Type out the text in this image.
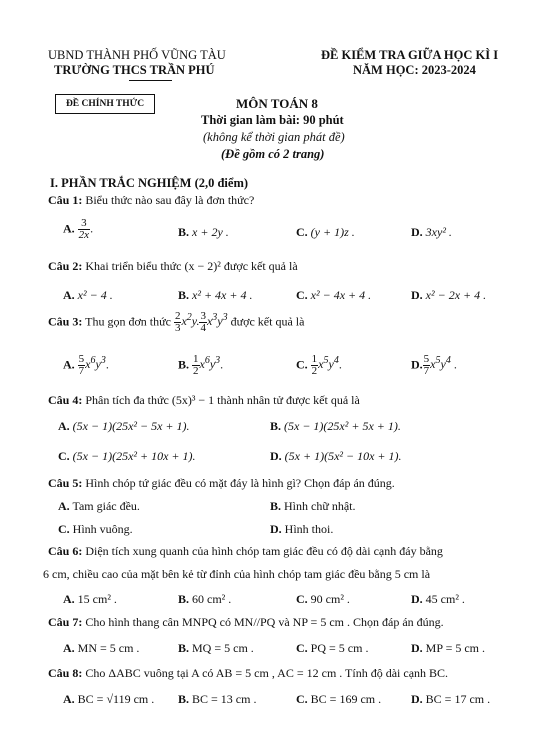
UBND THÀNH PHỐ VŨNG TÀU
TRƯỜNG THCS TRẦN PHÚ
ĐỀ KIỂM TRA GIỮA HỌC KÌ I
NĂM HỌC: 2023-2024
ĐỀ CHÍNH THỨC	MÔN TOÁN 8
Thời gian làm bài: 90 phút
(không kể thời gian phát đề)
(Đề gồm có 2 trang)
I. PHẦN TRẮC NGHIỆM (2,0 điểm)
Câu 1: Biểu thức nào sau đây là đơn thức?
A. $\frac{3}{2x}$ .	B. x + 2y .	C. (y + 1)z .	D. 3xy² .
Câu 2: Khai triển biểu thức (x − 2)² được kết quả là
A. x² − 4 .	B. x² + 4x + 4 .	C. x² − 4x + 4 .	D. x² − 2x + 4 .
Câu 3: Thu gọn đơn thức $\frac{2}{3} x^2y$. $\frac{3}{4} x^3y^3$ được kết quả là
A. $\frac{5}{7} x^6y^3$.	B. $\frac{1}{2} x^6y^3$.	C. $\frac{1}{2} x^5y^4$.	D. $\frac{5}{7} x^5y^4$ .
Câu 4: Phân tích đa thức (5x)³ − 1 thành nhân tử được kết quả là
A. (5x − 1)(25x² − 5x + 1).	B. (5x − 1)(25x² + 5x + 1).
C. (5x − 1)(25x² + 10x + 1).	D. (5x + 1)(5x² − 10x + 1).
Câu 5: Hình chóp tứ giác đều có mặt đáy là hình gì? Chọn đáp án đúng.
A. Tam giác đều.	B. Hình chữ nhật.
C. Hình vuông.	D. Hình thoi.
Câu 6: Diện tích xung quanh của hình chóp tam giác đều có độ dài cạnh đáy bằng
6 cm, chiều cao của mặt bên kẻ từ đỉnh của hình chóp tam giác đều bằng 5 cm là
A. 15 cm² .	B. 60 cm² .	C. 90 cm² .	D. 45 cm² .
Câu 7: Cho hình thang cân MNPQ có MN//PQ và NP = 5 cm . Chọn đáp án đúng.
A. MN = 5 cm .	B. MQ = 5 cm .	C. PQ = 5 cm .	D. MP = 5 cm .
Câu 8: Cho ΔABC vuông tại A có AB = 5 cm , AC = 12 cm . Tính độ dài cạnh BC.
A. BC = √119 cm . B. BC = 13 cm .	C. BC = 169 cm . D. BC = 17 cm .
